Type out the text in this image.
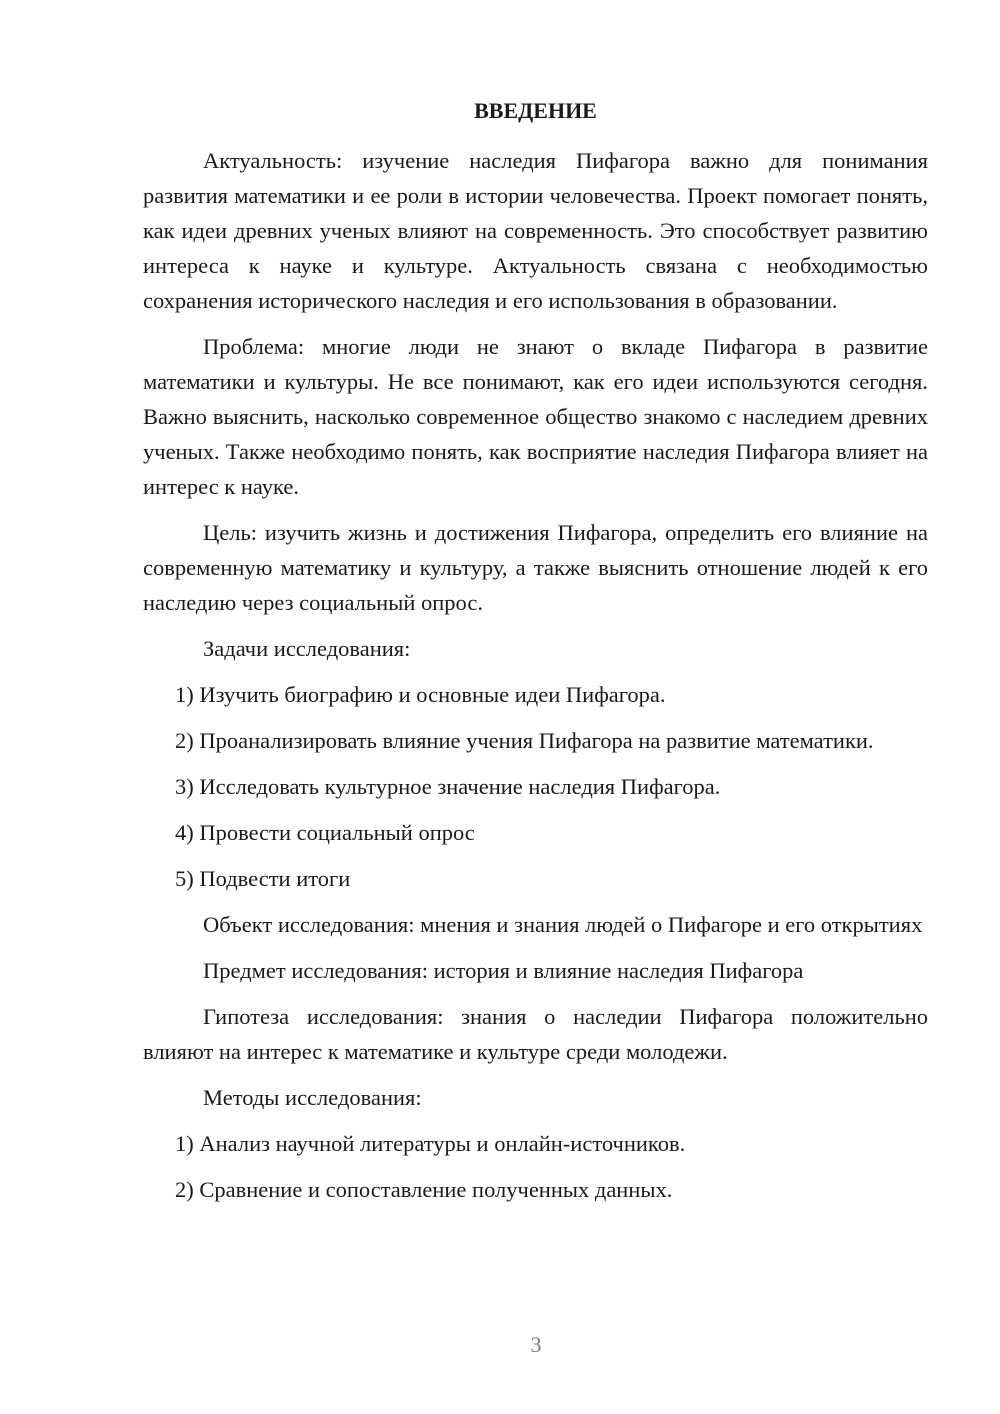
ВВЕДЕНИЕ

Актуальность: изучение наследия Пифагора важно для понимания развития математики и ее роли в истории человечества. Проект помогает понять, как идеи древних ученых влияют на современность. Это способствует развитию интереса к науке и культуре. Актуальность связана с необходимостью сохранения исторического наследия и его использования в образовании.

Проблема: многие люди не знают о вкладе Пифагора в развитие математики и культуры. Не все понимают, как его идеи используются сегодня. Важно выяснить, насколько современное общество знакомо с наследием древних ученых. Также необходимо понять, как восприятие наследия Пифагора влияет на интерес к науке.

Цель: изучить жизнь и достижения Пифагора, определить его влияние на современную математику и культуру, а также выяснить отношение людей к его наследию через социальный опрос.

Задачи исследования:

1) Изучить биографию и основные идеи Пифагора.

2) Проанализировать влияние учения Пифагора на развитие математики.

3) Исследовать культурное значение наследия Пифагора.

4) Провести социальный опрос

5) Подвести итоги

Объект исследования: мнения и знания людей о Пифагоре и его открытиях

Предмет исследования: история и влияние наследия Пифагора

Гипотеза исследования: знания о наследии Пифагора положительно влияют на интерес к математике и культуре среди молодежи.

Методы исследования:

1) Анализ научной литературы и онлайн-источников.

2) Сравнение и сопоставление полученных данных.

3
